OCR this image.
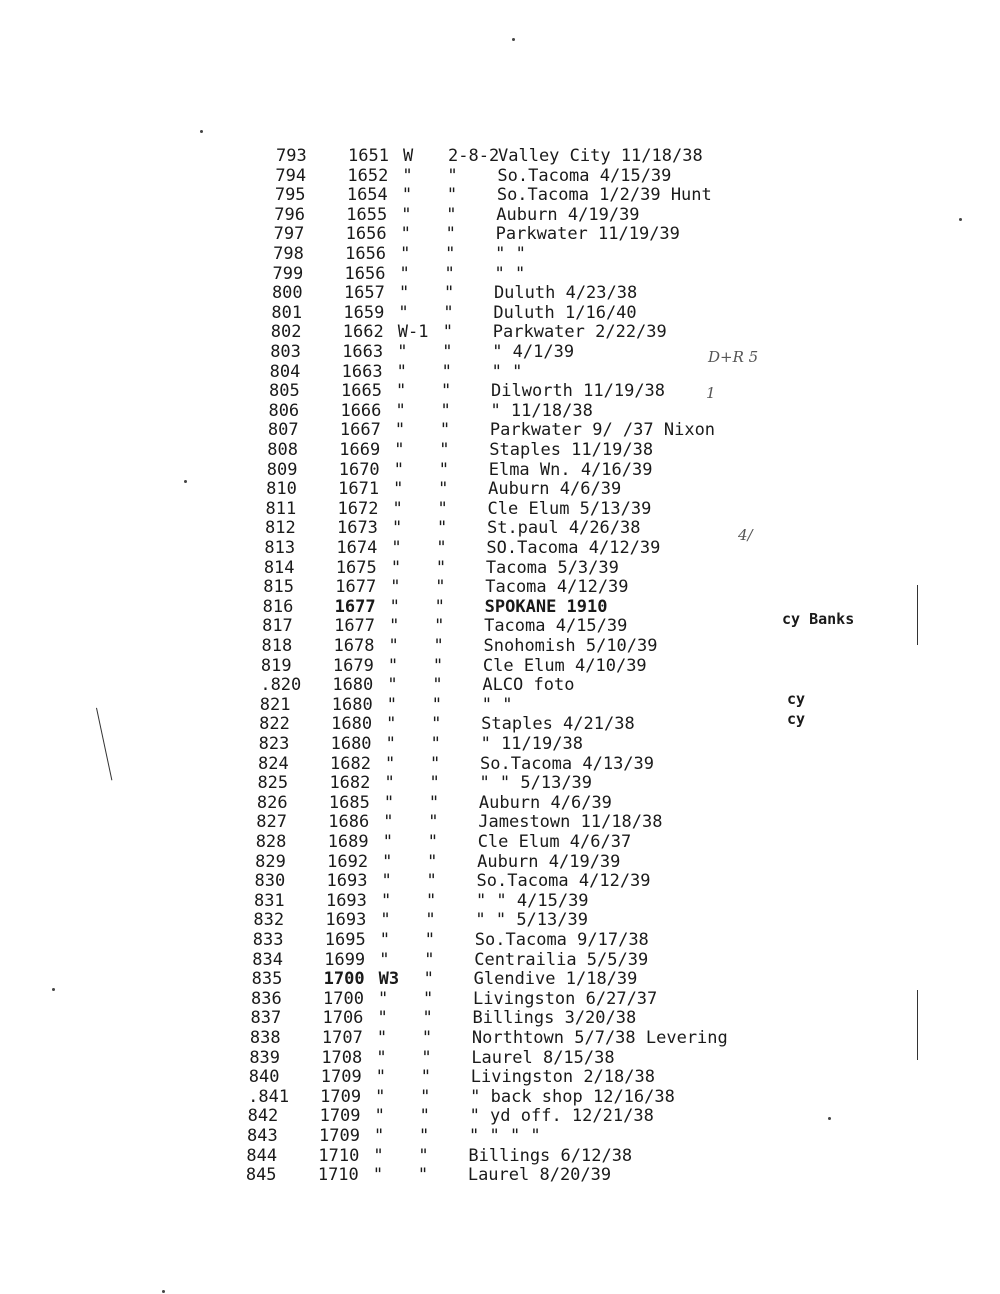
793 1651 W 2-8-2
Valley City 11/18/38
794 1652 " " So.Tacoma 4/15/39
795 1654 " " So.Tacoma 1/2/39 Hunt
796 1655 " " Auburn 4/19/39
797 1656 " " Parkwater 11/19/39
798 1656 " " " "
799 1656 " " " "
800 1657 " " Duluth 4/23/38
801 1659 " " Duluth 1/16/40
802 1662 W-1 " Parkwater 2/22/39
803 1663 " " " 4/1/39
804 1663 " " " "
805 1665 " " Dilworth 11/19/38
806 1666 " " " 11/18/38
807 1667 " " Parkwater 9/ /37 Nixon
808 1669 " " Staples 11/19/38
809 1670 " " Elma Wn. 4/16/39
810 1671 " " Auburn 4/6/39
811 1672 " " Cle Elum 5/13/39
812 1673 " " St.paul 4/26/38
813 1674 " " SO.Tacoma 4/12/39
814 1675 " " Tacoma 5/3/39
815 1677 " " Tacoma 4/12/39
816 1677 " " SPOKANE 1910
817 1677 " " Tacoma 4/15/39
818 1678 " " Snohomish 5/10/39
819 1679 " " Cle Elum 4/10/39
.820 1680 " " ALCO foto
821 1680 " " " "
822 1680 " " Staples 4/21/38
823 1680 " " " 11/19/38
824 1682 " " So.Tacoma 4/13/39
825 1682 " " " " 5/13/39
826 1685 " " Auburn 4/6/39
827 1686 " " Jamestown 11/18/38
828 1689 " " Cle Elum 4/6/37
829 1692 " " Auburn 4/19/39
830 1693 " " So.Tacoma 4/12/39
831 1693 " " " " 4/15/39
832 1693 " " " " 5/13/39
833 1695 " " So.Tacoma 9/17/38
834 1699 " " Centrailia 5/5/39
835 1700 W3 " Glendive 1/18/39
836 1700 " " Livingston 6/27/37
837 1706 " " Billings 3/20/38
838 1707 " " Northtown 5/7/38 Levering
839 1708 " " Laurel 8/15/38
840 1709 " " Livingston 2/18/38
.841 1709 " " " back shop 12/16/38
842 1709 " " " yd off. 12/21/38
843 1709 " " " " " "
844 1710 " " Billings 6/12/38
845 1710 " " Laurel 8/20/39
cy Banks
cy
cy
D+R 5
4/
1
